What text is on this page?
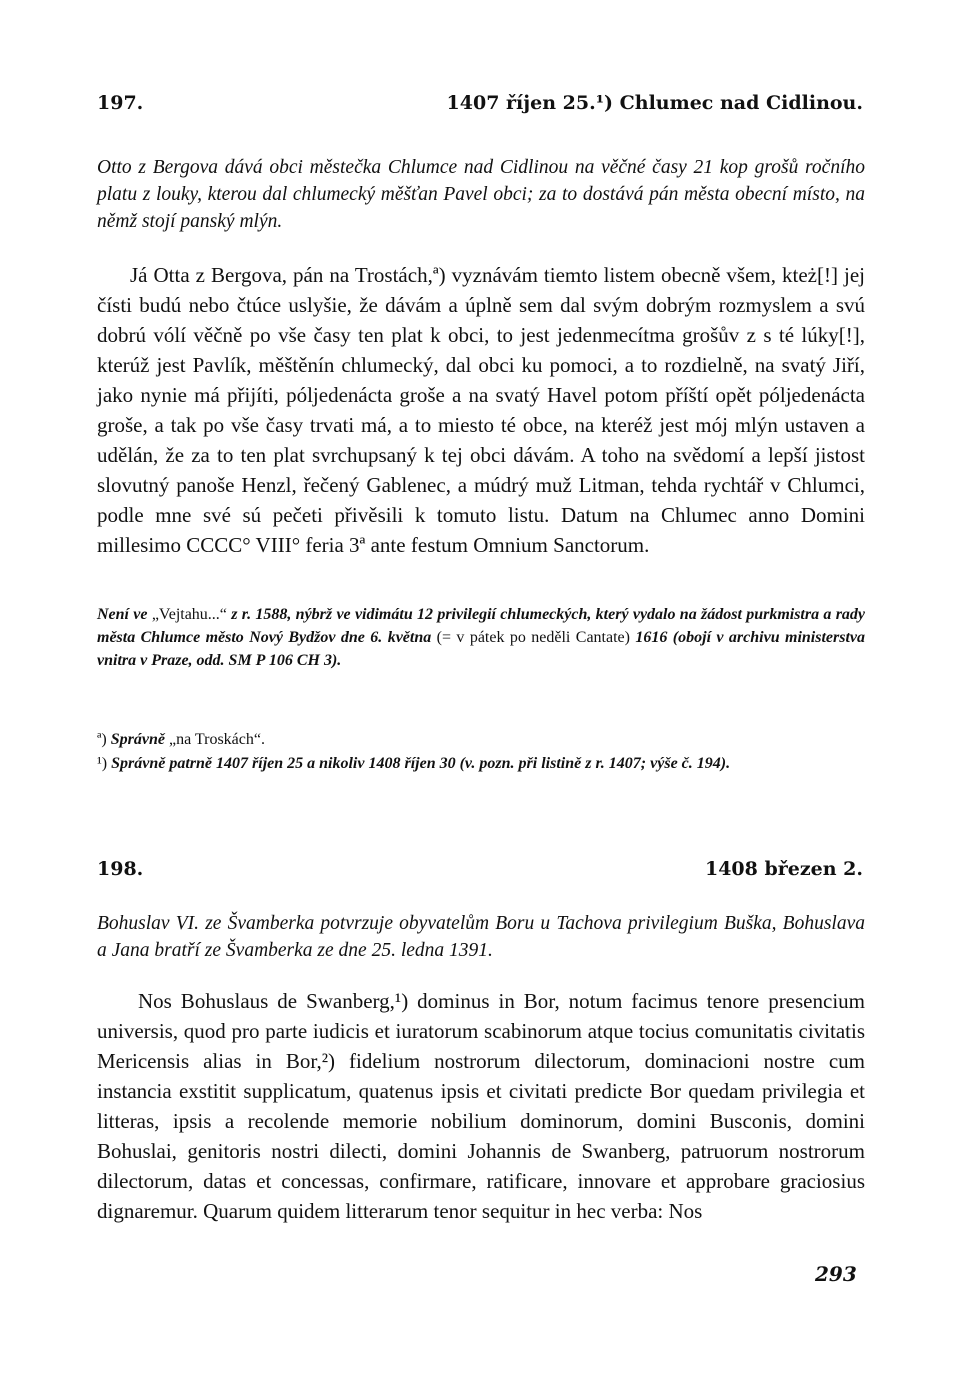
197.	1407 říjen 25.¹) Chlumec nad Cidlinou.

Otto z Bergova dává obci městečka Chlumce nad Cidlinou na věčné časy 21 kop grošů ročního platu z louky, kterou dal chlumecký měšťan Pavel obci; za to dostává pán města obecní místo, na němž stojí panský mlýn.

Já Otta z Bergova, pán na Trostách,ª) vyznávám tiemto listem obecně všem, kteż[!] jej čísti budú nebo čtúce uslyšie, že dávám a úplně sem dal svým dobrým rozmyslem a svú dobrú vólí věčně po vše časy ten plat k obci, to jest jedenmecítma grošův z s té lúky[!], kterúž jest Pavlík, měštěnín chlumecký, dal obci ku pomoci, a to rozdielně, na svatý Jiří, jako nynie má přijíti, póljedenácta groše a na svatý Havel potom příští opět póljedenácta groše, a tak po vše časy trvati má, a to miesto té obce, na kteréž jest mój mlýn ustaven a udělán, že za to ten plat svrchupsaný k tej obci dávám. A toho na svědomí a lepší jistost slovutný panoše Henzl, řečený Gablenec, a múdrý muž Litman, tehda rychtář v Chlumci, podle mne své sú pečeti přivěsili k tomuto listu. Datum na Chlumec anno Domini millesimo CCCC° VIII° feria 3ª ante festum Omnium Sanctorum.

Není ve „Vejtahu...“ z r. 1588, nýbrž ve vidimátu 12 privilegií chlumeckých, který vydalo na žádost purkmistra a rady města Chlumce město Nový Bydžov dne 6. května (= v pátek po neděli Cantate) 1616 (obojí v archivu ministerstva vnitra v Praze, odd. SM P 106 CH 3).

ª) Správně „na Troskách“.

¹) Správně patrně 1407 říjen 25 a nikoliv 1408 říjen 30 (v. pozn. při listině z r. 1407; výše č. 194).

198.	1408 březen 2.

Bohuslav VI. ze Švamberka potvrzuje obyvatelům Boru u Tachova privilegium Buška, Bohuslava a Jana bratří ze Švamberka ze dne 25. ledna 1391.

Nos Bohuslaus de Swanberg,¹) dominus in Bor, notum facimus tenore presencium universis, quod pro parte iudicis et iuratorum scabinorum atque tocius comunitatis civitatis Mericensis alias in Bor,²) fidelium nostrorum dilectorum, dominacioni nostre cum instancia exstitit supplicatum, quatenus ipsis et civitati predicte Bor quedam privilegia et litteras, ipsis a recolende memorie nobilium dominorum, domini Busconis, domini Bohuslai, genitoris nostri dilecti, domini Johannis de Swanberg, patruorum nostrorum dilectorum, datas et concessas, confirmare, ratificare, innovare et approbare graciosius dignaremur. Quarum quidem litterarum tenor sequitur in hec verba: Nos

293
